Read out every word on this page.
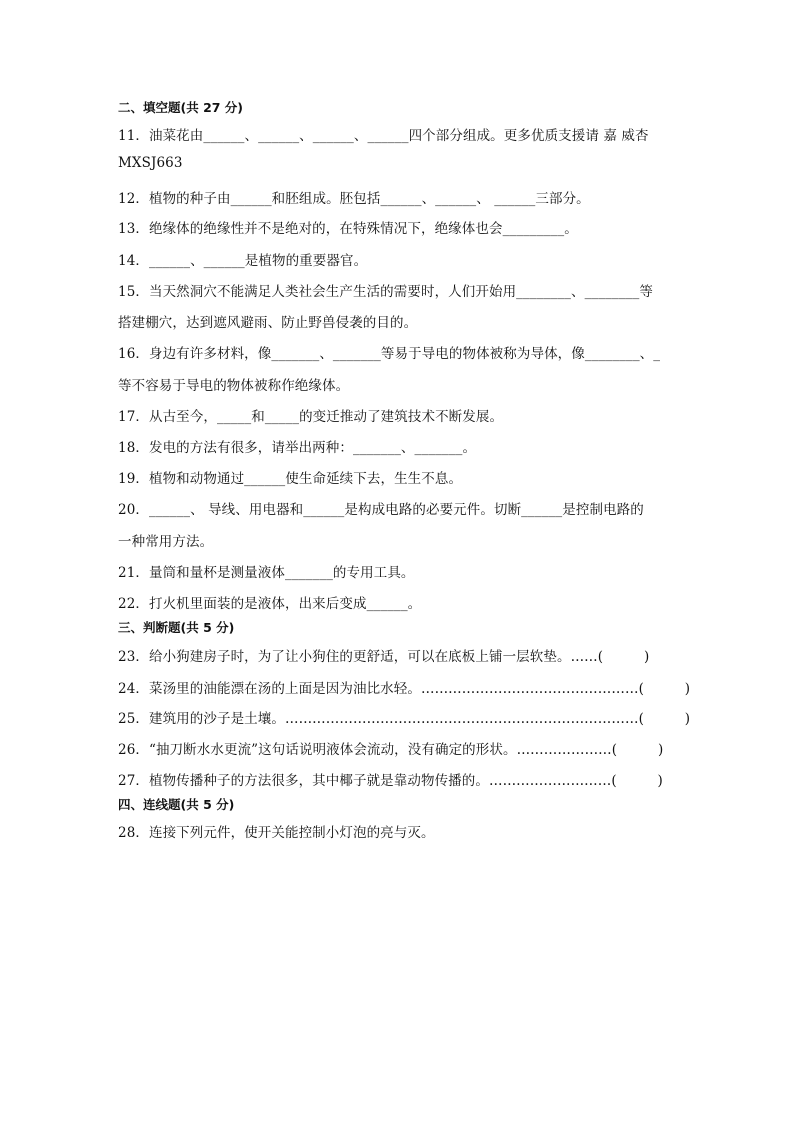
二、填空题(共 27 分)
11．油菜花由______、______、______、______四个部分组成。更多优质支援请 嘉 威杏
MXSJ663
12．植物的种子由______和胚组成。胚包括______、______、 ______三部分。
13．绝缘体的绝缘性并不是绝对的，在特殊情况下，绝缘体也会_________。
14．______、______是植物的重要器官。
15．当天然洞穴不能满足人类社会生产生活的需要时，人们开始用________、________等
搭建棚穴，达到遮风避雨、防止野兽侵袭的目的。
16．身边有许多材料，像_______、_______等易于导电的物体被称为导体，像________、_
等不容易于导电的物体被称作绝缘体。
17．从古至今，_____和_____的变迁推动了建筑技术不断发展。
18．发电的方法有很多，请举出两种：_______、_______。
19．植物和动物通过______使生命延续下去，生生不息。
20．______、 导线、用电器和______是构成电路的必要元件。切断______是控制电路的
一种常用方法。
21．量筒和量杯是测量液体_______的专用工具。
22．打火机里面装的是液体，出来后变成______。
三、判断题(共 5 分)
23．给小狗建房子时，为了让小狗住的更舒适，可以在底板上铺一层软垫。……(　　　)
24．菜汤里的油能漂在汤的上面是因为油比水轻。…………………………………………(　　　)
25．建筑用的沙子是土壤。……………………………………………………………………(　　　)
26．“抽刀断水水更流”这句话说明液体会流动，没有确定的形状。…………………(　　　)
27．植物传播种子的方法很多，其中椰子就是靠动物传播的。………………………(　　　)
四、连线题(共 5 分)
28．连接下列元件，使开关能控制小灯泡的亮与灭。
